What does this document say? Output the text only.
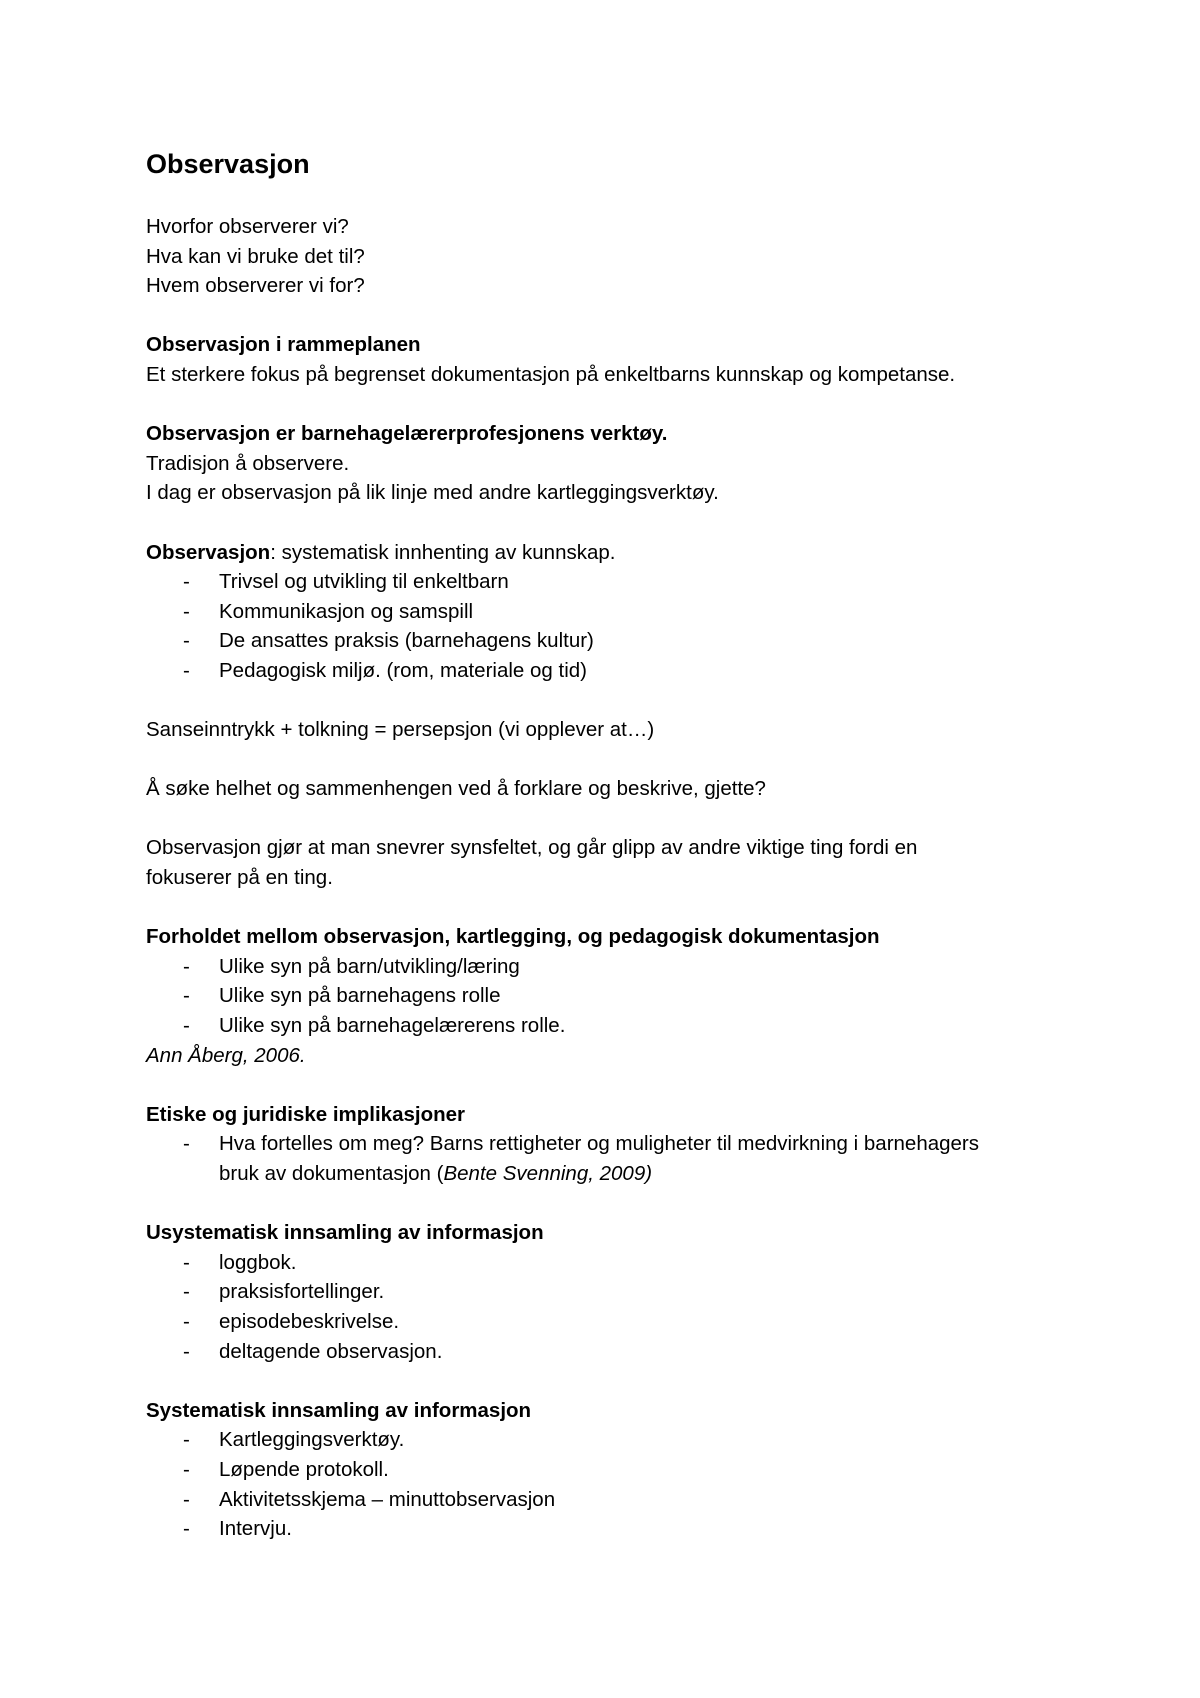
Observasjon
Hvorfor observerer vi?
Hva kan vi bruke det til?
Hvem observerer vi for?
Observasjon i rammeplanen
Et sterkere fokus på begrenset dokumentasjon på enkeltbarns kunnskap og kompetanse.
Observasjon er barnehagelærerprofesjonens verktøy.
Tradisjon å observere.
I dag er observasjon på lik linje med andre kartleggingsverktøy.
Observasjon: systematisk innhenting av kunnskap.
- Trivsel og utvikling til enkeltbarn
- Kommunikasjon og samspill
- De ansattes praksis (barnehagens kultur)
- Pedagogisk miljø. (rom, materiale og tid)
Sanseinntrykk + tolkning = persepsjon (vi opplever at…)
Å søke helhet og sammenhengen ved å forklare og beskrive, gjette?
Observasjon gjør at man snevrer synsfeltet, og går glipp av andre viktige ting fordi en
fokuserer på en ting.
Forholdet mellom observasjon, kartlegging, og pedagogisk dokumentasjon
- Ulike syn på barn/utvikling/læring
- Ulike syn på barnehagens rolle
- Ulike syn på barnehagelærerens rolle.
Ann Åberg, 2006.
Etiske og juridiske implikasjoner
- Hva fortelles om meg? Barns rettigheter og muligheter til medvirkning i barnehagers
bruk av dokumentasjon (Bente Svenning, 2009)
Usystematisk innsamling av informasjon
- loggbok.
- praksisfortellinger.
- episodebeskrivelse.
- deltagende observasjon.
Systematisk innsamling av informasjon
- Kartleggingsverktøy.
- Løpende protokoll.
- Aktivitetsskjema – minuttobservasjon
- Intervju.
